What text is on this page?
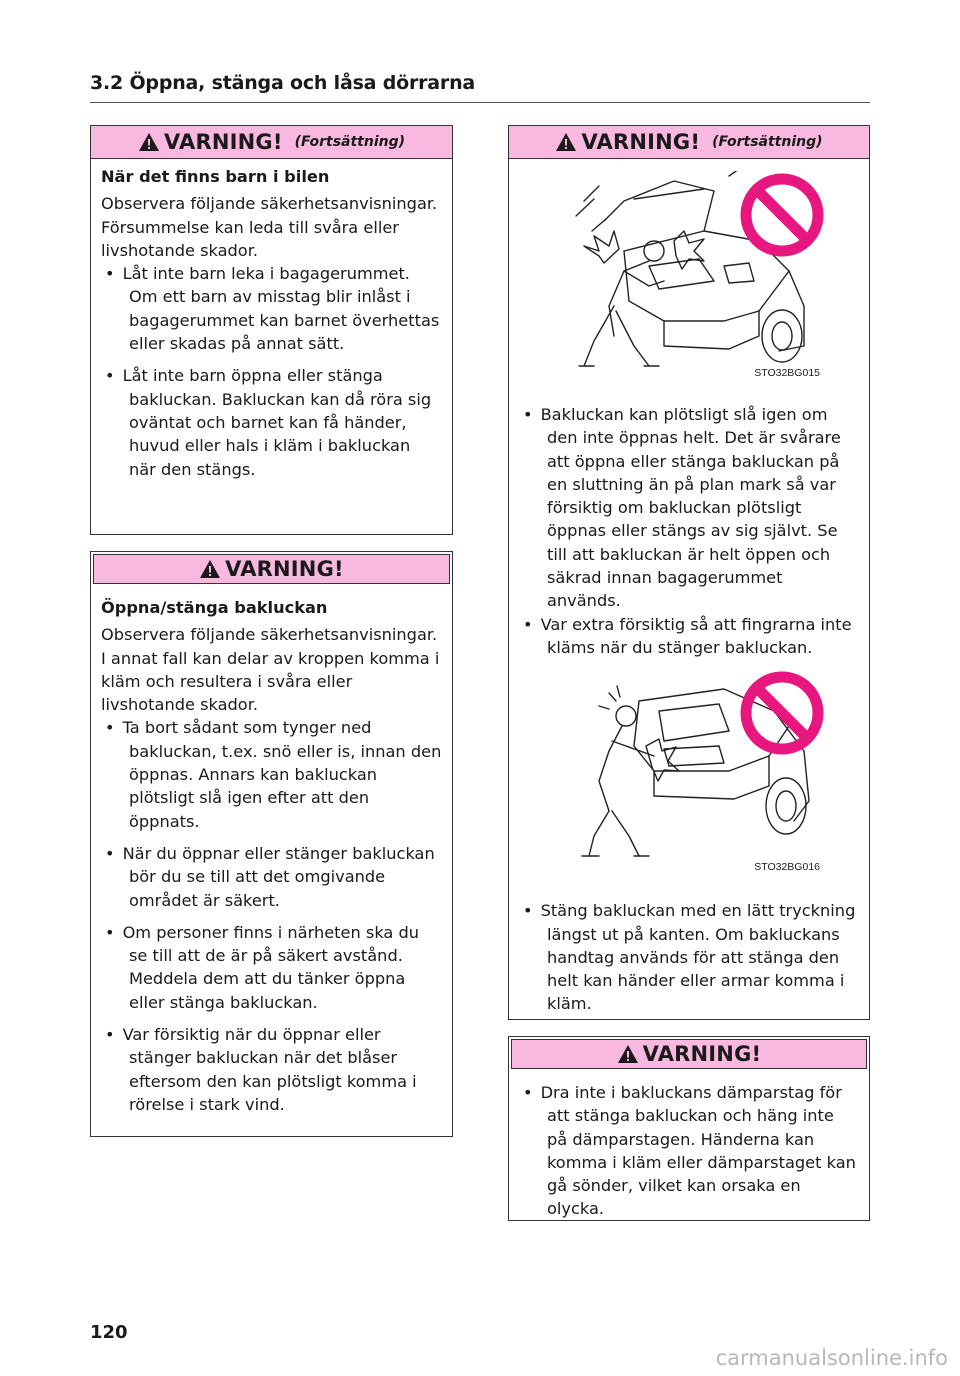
3.2 Öppna, stänga och låsa dörrarna
VARNING! (Fortsättning)
När det finns barn i bilen
Observera följande säkerhetsanvisningar. Försummelse kan leda till svåra eller livshotande skador.
• Låt inte barn leka i bagagerummet. Om ett barn av misstag blir inlåst i bagagerummet kan barnet överhettas eller skadas på annat sätt.
• Låt inte barn öppna eller stänga bakluckan. Bakluckan kan då röra sig oväntat och barnet kan få händer, huvud eller hals i kläm i bakluckan när den stängs.
VARNING!
Öppna/stänga bakluckan
Observera följande säkerhetsanvisningar. I annat fall kan delar av kroppen komma i kläm och resultera i svåra eller livshotande skador.
• Ta bort sådant som tynger ned bakluckan, t.ex. snö eller is, innan den öppnas. Annars kan bakluckan plötsligt slå igen efter att den öppnats.
• När du öppnar eller stänger bakluckan bör du se till att det omgivande området är säkert.
• Om personer finns i närheten ska du se till att de är på säkert avstånd. Meddela dem att du tänker öppna eller stänga bakluckan.
• Var försiktig när du öppnar eller stänger bakluckan när det blåser eftersom den kan plötsligt komma i rörelse i stark vind.
VARNING! (Fortsättning)
STO32BG015
• Bakluckan kan plötsligt slå igen om den inte öppnas helt. Det är svårare att öppna eller stänga bakluckan på en sluttning än på plan mark så var försiktig om bakluckan plötsligt öppnas eller stängs av sig självt. Se till att bakluckan är helt öppen och säkrad innan bagagerummet används.
• Var extra försiktig så att fingrarna inte kläms när du stänger bakluckan.
STO32BG016
• Stäng bakluckan med en lätt tryckning längst ut på kanten. Om bakluckans handtag används för att stänga den helt kan händer eller armar komma i kläm.
VARNING!
• Dra inte i bakluckans dämparstag för att stänga bakluckan och häng inte på dämparstagen. Händerna kan komma i kläm eller dämparstaget kan gå sönder, vilket kan orsaka en olycka.
120
carmanualsonline.info
